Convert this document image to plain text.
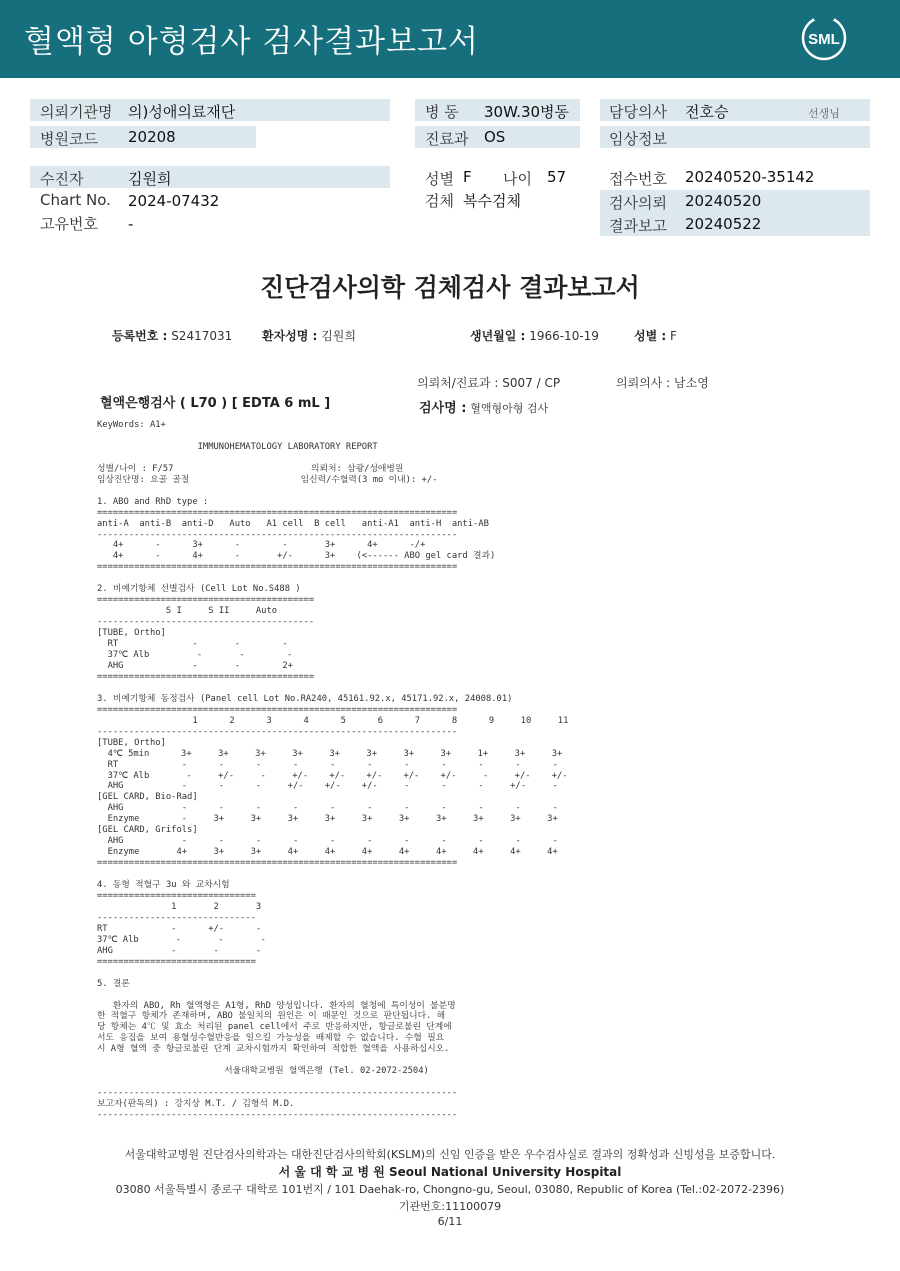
혈액형 아형검사 검사결과보고서	SML
의뢰기관명 의)성애의료재단	병 동 30W.30병동	담당의사 전호승	선생님
병원코드 20208	진료과 OS	임상정보
수진자	김원희	성별 F 나이 57	접수번호 20240520-35142
Chart No. 2024-07432	검체 복수검체	검사의뢰 20240520
고유번호 -	결과보고 20240522
진단검사의학 검체검사 결과보고서
등록번호 : S2417031 환자성명 : 김원희	생년월일 : 1966-10-19	성별 : F
의뢰처/진료과 : S007 / CP	의뢰의사 : 남소영
혈액은행검사 ( L70 ) [ EDTA 6 mL ]	검사명 : 혈액형아형 검사
KeyWords: A1+

IMMUNOHEMATOLOGY LABORATORY REPORT

성별/나이 : F/57                          의뢰처: 삼광/성애병원
임상진단명: 요골 골절                     임신력/수혈력(3 mo 이내): +/-

1. ABO and RhD type :
====================================================================
anti-A  anti-B  anti-D   Auto   A1 cell  B cell   anti-A1  anti-H  anti-AB
--------------------------------------------------------------------
4+      -      3+      -        -       3+      4+      -/+
4+      -      4+      -       +/-      3+    (<------ ABO gel card 결과)
====================================================================

2. 비예기항체 선별검사 (Cell Lot No.S488 )
=========================================
S I     S II     Auto
-----------------------------------------
[TUBE, Ortho]
RT              -       -        -
37℃ Alb         -       -        -
AHG             -       -        2+
=========================================

3. 비예기항체 동정검사 (Panel cell Lot No.RA240, 45161.92.x, 45171.92.x, 24008.01)
====================================================================
1      2      3      4      5      6      7      8      9     10     11
--------------------------------------------------------------------
[TUBE, Ortho]
4℃ 5min      3+     3+     3+     3+     3+     3+     3+     3+     1+     3+     3+
RT            -      -      -      -      -      -      -      -      -      -      -
37℃ Alb       -     +/-     -     +/-    +/-    +/-    +/-    +/-     -     +/-    +/-
AHG           -      -      -     +/-    +/-    +/-     -      -      -     +/-     -
[GEL CARD, Bio-Rad]
AHG           -      -      -      -      -      -      -      -      -      -      -
Enzyme        -     3+     3+     3+     3+     3+     3+     3+     3+     3+     3+
[GEL CARD, Grifols]
AHG           -      -      -      -      -      -      -      -      -      -      -
Enzyme       4+     3+     3+     4+     4+     4+     4+     4+     4+     4+     4+
====================================================================

4. 동형 적혈구 3u 와 교차시험
==============================
1       2       3
------------------------------
RT            -      +/-      -
37℃ Alb       -       -       -
AHG           -       -       -
==============================

5. 결론

환자의 ABO, Rh 혈액형은 A1형, RhD 양성입니다. 환자의 혈청에 특이성이 불분명
한 적혈구 항체가 존재하며, ABO 불일치의 원인은 이 때문인 것으로 판단됩니다. 해
당 항체는 4℃ 및 효소 처리된 panel cell에서 주로 반응하지만, 항글로불린 단계에
서도 응집을 보여 용혈성수혈반응을 일으킬 가능성을 배제할 수 없습니다. 수혈 필요
시 A형 혈액 중 항글로불린 단계 교차시험까지 확인하여 적합한 혈액을 사용하십시오.

서울대학교병원 혈액은행 (Tel. 02-2072-2504)

--------------------------------------------------------------------
보고자(판독의) : 강지상 M.T. / 김형석 M.D.
--------------------------------------------------------------------
서울대학교병원 진단검사의학과는 대한진단검사의학회(KSLM)의 신임 인증을 받은 우수검사실로 결과의 정확성과 신빙성을 보증합니다.
서 울 대 학 교 병 원 Seoul National University Hospital
03080 서울특별시 종로구 대학로 101번지 / 101 Daehak-ro, Chongno-gu, Seoul, 03080, Republic of Korea (Tel.:02-2072-2396)
기관번호:11100079
6/11
